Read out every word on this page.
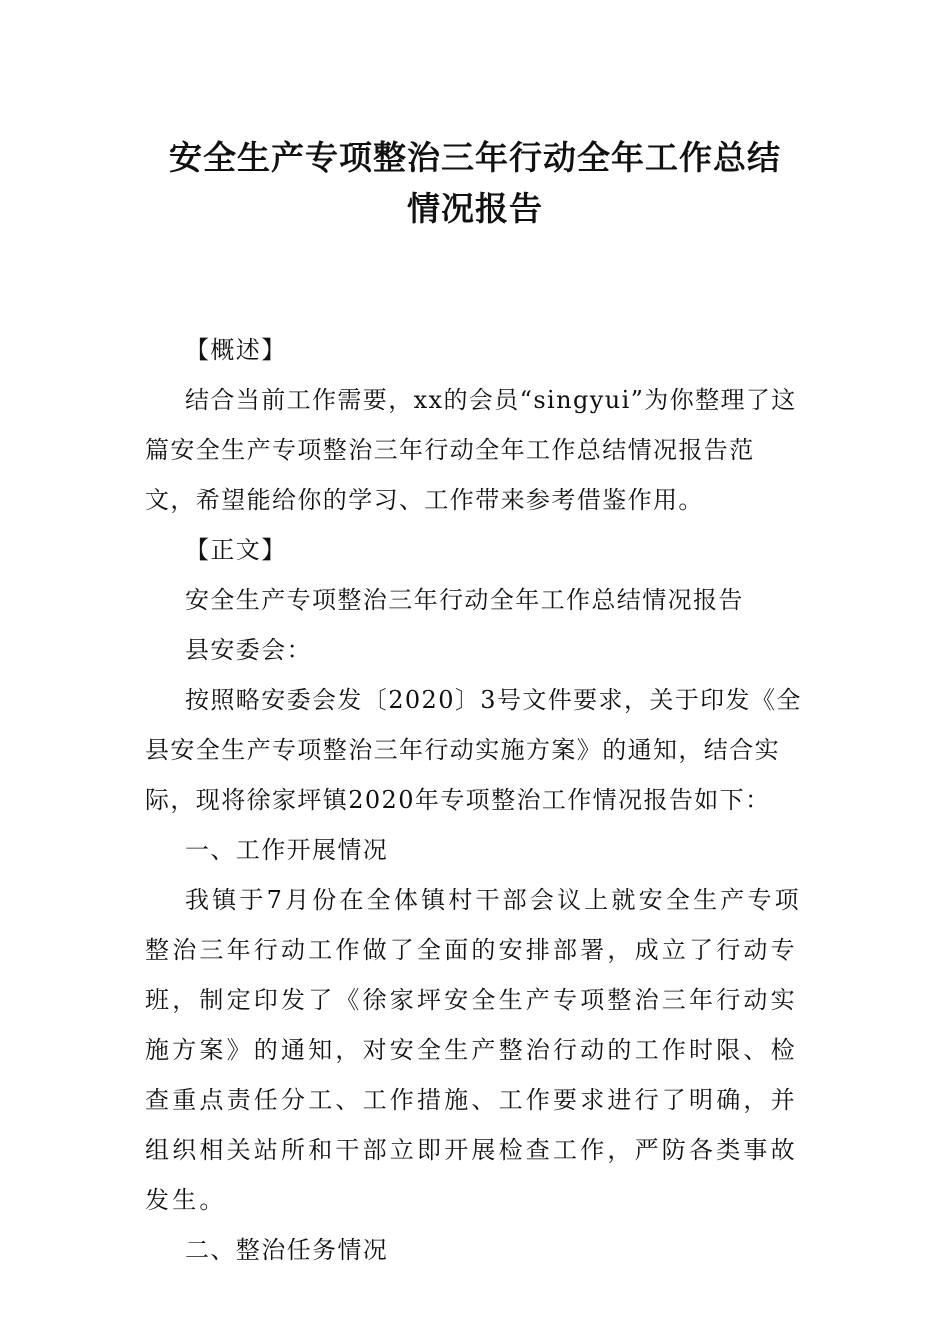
安全生产专项整治三年行动全年工作总结
情况报告

【概述】

结合当前工作需要，xx的会员“singyui”为你整理了这篇安全生产专项整治三年行动全年工作总结情况报告范文，希望能给你的学习、工作带来参考借鉴作用。

【正文】

安全生产专项整治三年行动全年工作总结情况报告

县安委会：

按照略安委会发〔2020〕3号文件要求，关于印发《全县安全生产专项整治三年行动实施方案》的通知，结合实际，现将徐家坪镇2020年专项整治工作情况报告如下：

一、工作开展情况

我镇于7月份在全体镇村干部会议上就安全生产专项整治三年行动工作做了全面的安排部署，成立了行动专班，制定印发了《徐家坪安全生产专项整治三年行动实施方案》的通知，对安全生产整治行动的工作时限、检查重点责任分工、工作措施、工作要求进行了明确，并组织相关站所和干部立即开展检查工作，严防各类事故发生。

二、整治任务情况
